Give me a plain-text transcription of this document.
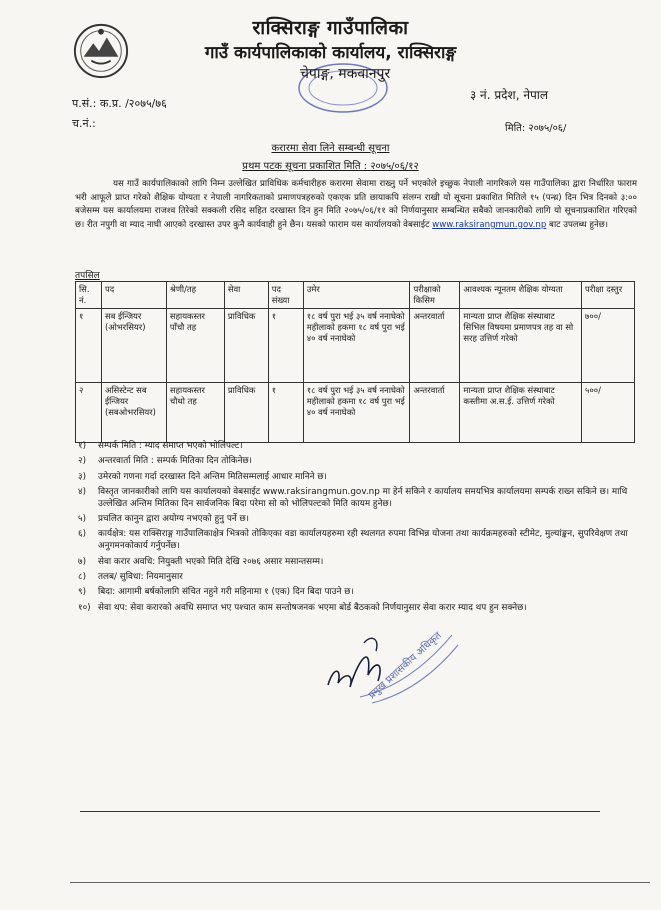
राक्सिराङ्ग गाउँपालिका
गाउँ कार्यपालिकाको कार्यालय, राक्सिराङ्ग
चेपाङ्ग, मकवानपुर
प.सं.: क.प्र. /२०७५/७६
च.नं.:
३ नं. प्रदेश, नेपाल
मिति: २०७५/०६/
करारमा सेवा लिने सम्बन्धी सूचना
प्रथम पटक सूचना प्रकाशित मिति : २०७५/०६/१२
यस गाउँ कार्यपालिकाको लागि निम्न उल्लेखित प्राविधिक कर्मचारीहरु करारमा सेवामा राख्नु पर्ने भएकोले इच्छुक नेपाली नागरिकले यस गाउँपालिका द्वारा निर्धारित फाराम भरी आफूले प्राप्त गरेको शैक्षिक योग्यता र नेपाली नागरिकताको प्रमाणपत्रहरुको एकएक प्रति छायाकपि संलग्न राखी यो सूचना प्रकाशित मितिले १५ (पन्ध्र) दिन भित्र दिनको ३:०० बजेसम्म यस कार्यालयमा राजश्व तिरेको सक्कली रसिद सहित दरखास्त दिन हुन मिति २०७५/०६/११ को निर्णयानुसार सम्बन्धित सबैको जानकारीको लागि यो सूचनाप्रकाशित गरिएको छ। रीत नपुगी वा म्याद नाघी आएको दरखास्त उपर कुनै कार्यवाही हुने छैन। यसको फाराम यस कार्यालयको वेबसाईट www.raksirangmun.gov.np बाट उपलब्ध हुनेछ।
तपसिल
सि. नं.	पद	श्रेणी/तह	सेवा	पद संख्या	उमेर	परीक्षाको किसिम	आवश्यक न्यूनतम शैक्षिक योग्यता	परीक्षा दस्तुर
१	सब ईन्जियर (ओभरसियर)	सहायकस्तर पाँचौ तह	प्राविधिक	१	१८ वर्ष पुरा भई ३५ वर्ष ननाघेको महीलाको हकमा १८ वर्ष पुरा भई ४० वर्ष ननाघेको	अन्तरवार्ता	मान्यता प्राप्त शैक्षिक संस्थाबाट सिभिल विषयमा प्रमाणपत्र तह वा सो सरह उत्तिर्ण गरेको	७००/
२	असिस्टेन्ट सब ईन्जियर (सबओभरसियर)	सहायकस्तर चौथो तह	प्राविधिक	१	१८ वर्ष पुरा भई ३५ वर्ष ननाघेको महीलाको हकमा १८ वर्ष पुरा भई ४० वर्ष ननाघेको	अन्तरवार्ता	मान्यता प्राप्त शैक्षिक संस्थाबाट कस्तीमा अ.स.ई. उत्तिर्ण गरेको	५००/
१) सम्पर्क मिति : म्याद समाप्त भएको भोलिपल्ट।
२) अन्तरवार्ता मिति : सम्पर्क मितिका दिन तोकिनेछ।
३) उमेरको गणना गर्दा दरखास्त दिने अन्तिम मितिसम्मलाई आधार मानिने छ।
४) विस्तृत जानकारीको लागि यस कार्यालयको वेबसाईट www.raksirangmun.gov.np मा हेर्न सकिने र कार्यालय समयभित्र कार्यालयमा सम्पर्क राख्न सकिने छ। माथि उल्लेखित अन्तिम मितिका दिन सार्वजनिक बिदा परेमा सो को भोलिपल्टको मिति कायम हुनेछ।
५) प्रचलित कानुन द्वारा अयोग्य नभएको हुनु पर्ने छ।
६) कार्यक्षेत्र: यस राक्सिराङ्ग गाउँपालिकाक्षेत्र भित्रको तोकिएका वडा कार्यालयहरुमा रही स्थलगत रुपमा विभिन्न योजना तथा कार्यक्रमहरुको स्टीमेट, मुल्यांङ्कन, सुपरिवेक्षण तथा अनुगमनकोकार्य गर्नुपर्नेछ।
७) सेवा करार अवधि: नियुक्ती भएको मिति देखि २०७६ असार मसान्तसम्म।
८) तलब/ सुविधा: नियमानुसार
९) बिदा: आगामी बर्षकोलागि संचित नहुने गरी महिनामा १ (एक) दिन बिदा पाउने छ।
१०) सेवा थप: सेवा करारको अवधि समाप्त भए पश्चात काम सन्तोषजनक भएमा बोर्ड बैठकको निर्णयानुसार सेवा करार म्याद थप हुन सक्नेछ।
प्रमुख प्रशासकीय अधिकृत
